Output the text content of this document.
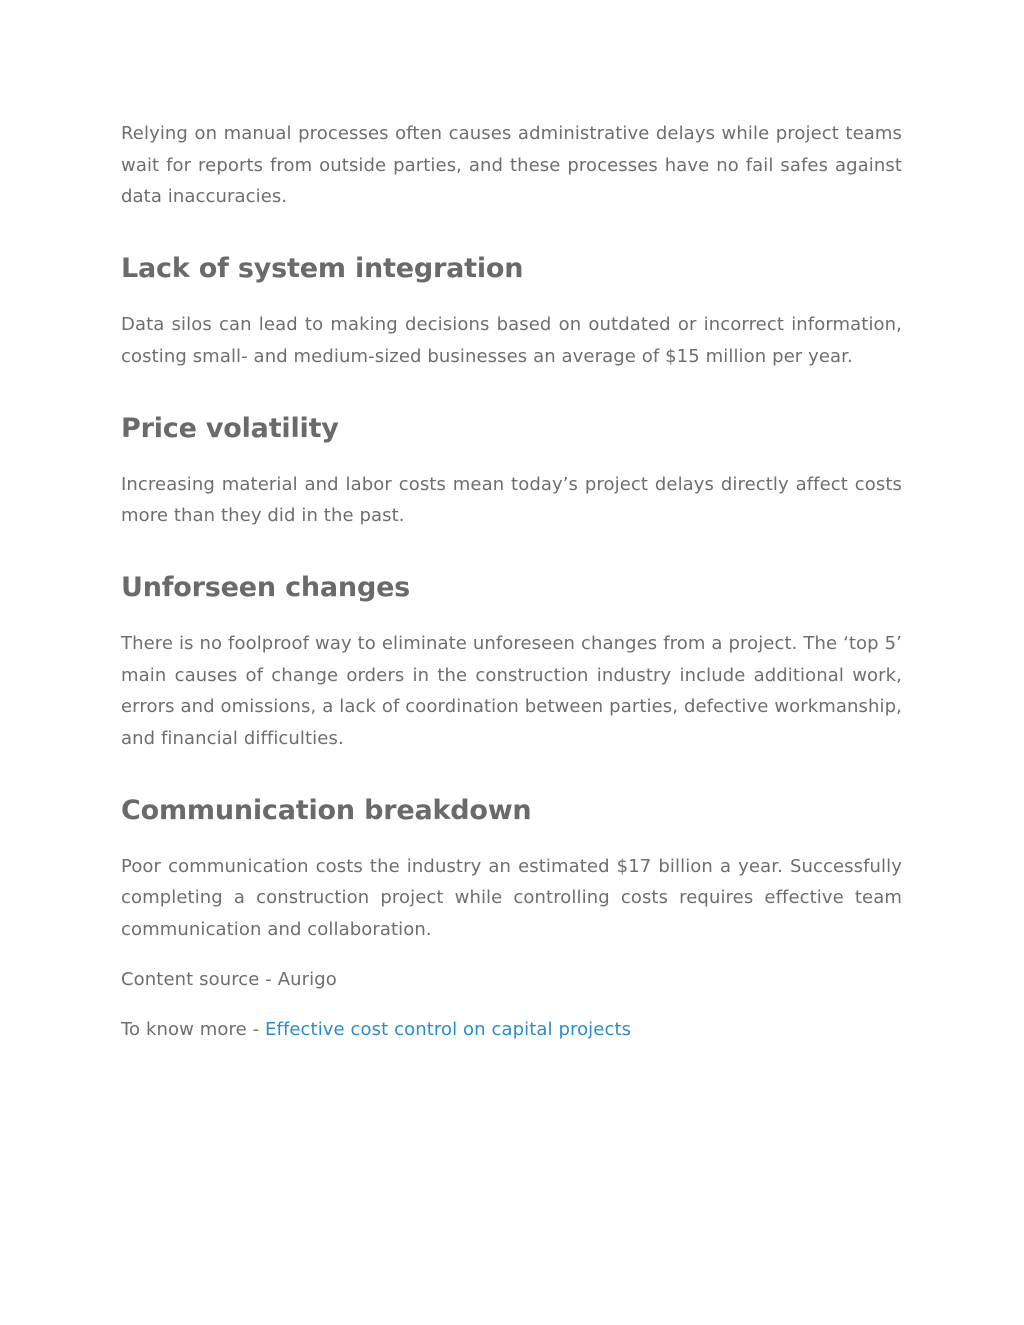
Relying on manual processes often causes administrative delays while project teams wait for reports from outside parties, and these processes have no fail safes against data inaccuracies.

Lack of system integration

Data silos can lead to making decisions based on outdated or incorrect information, costing small- and medium-sized businesses an average of $15 million per year.

Price volatility

Increasing material and labor costs mean today’s project delays directly affect costs more than they did in the past.

Unforseen changes

There is no foolproof way to eliminate unforeseen changes from a project. The ‘top 5’ main causes of change orders in the construction industry include additional work, errors and omissions, a lack of coordination between parties, defective workmanship, and financial difficulties.

Communication breakdown

Poor communication costs the industry an estimated $17 billion a year. Successfully completing a construction project while controlling costs requires effective team communication and collaboration.

Content source - Aurigo

To know more - Effective cost control on capital projects
